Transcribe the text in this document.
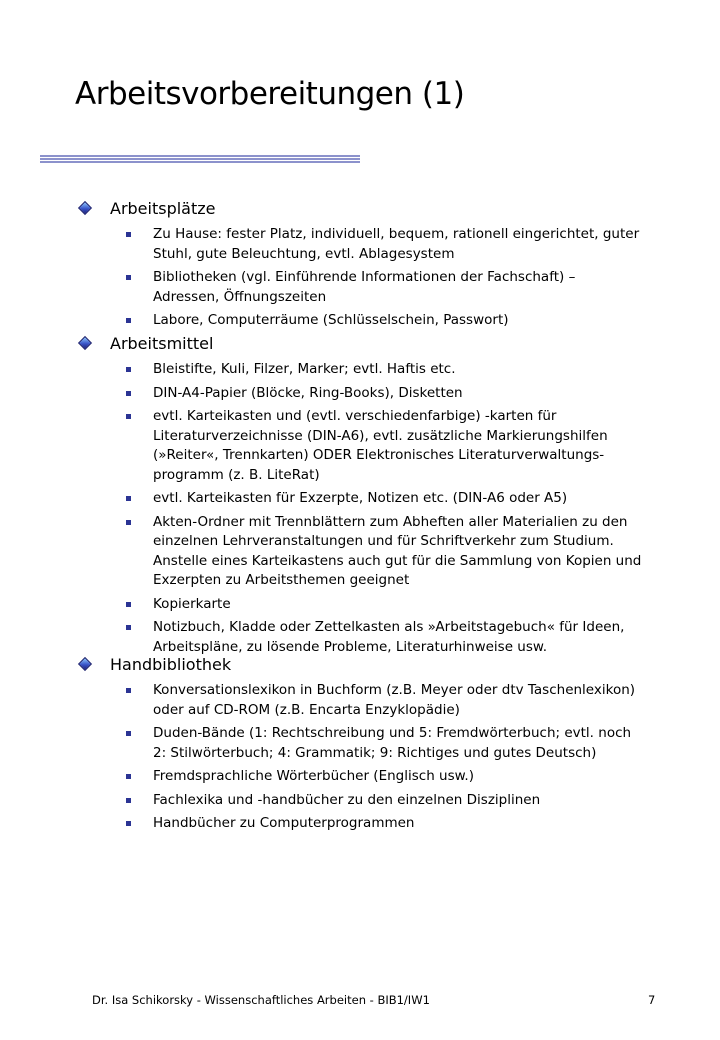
Arbeitsvorbereitungen (1)
Arbeitsplätze
Zu Hause: fester Platz, individuell, bequem, rationell eingerichtet, guter
Stuhl, gute Beleuchtung, evtl. Ablagesystem
Bibliotheken (vgl. Einführende Informationen der Fachschaft) –
Adressen, Öffnungszeiten
Labore, Computerräume (Schlüsselschein, Passwort)
Arbeitsmittel
Bleistifte, Kuli, Filzer, Marker; evtl. Haftis etc.
DIN-A4-Papier (Blöcke, Ring-Books), Disketten
evtl. Karteikasten und (evtl. verschiedenfarbige) -karten für
Literaturverzeichnisse (DIN-A6), evtl. zusätzliche Markierungshilfen
(»Reiter«, Trennkarten) ODER Elektronisches Literaturverwaltungs-
programm (z. B. LiteRat)
evtl. Karteikasten für Exzerpte, Notizen etc. (DIN-A6 oder A5)
Akten-Ordner mit Trennblättern zum Abheften aller Materialien zu den
einzelnen Lehrveranstaltungen und für Schriftverkehr zum Studium.
Anstelle eines Karteikastens auch gut für die Sammlung von Kopien und
Exzerpten zu Arbeitsthemen geeignet
Kopierkarte
Notizbuch, Kladde oder Zettelkasten als »Arbeitstagebuch« für Ideen,
Arbeitspläne, zu lösende Probleme, Literaturhinweise usw.
Handbibliothek
Konversationslexikon in Buchform (z.B. Meyer oder dtv Taschenlexikon)
oder auf CD-ROM (z.B. Encarta Enzyklopädie)
Duden-Bände (1: Rechtschreibung und 5: Fremdwörterbuch; evtl. noch
2: Stilwörterbuch; 4: Grammatik; 9: Richtiges und gutes Deutsch)
Fremdsprachliche Wörterbücher (Englisch usw.)
Fachlexika und -handbücher zu den einzelnen Disziplinen
Handbücher zu Computerprogrammen
Dr. Isa Schikorsky - Wissenschaftliches Arbeiten - BIB1/IW1	7
